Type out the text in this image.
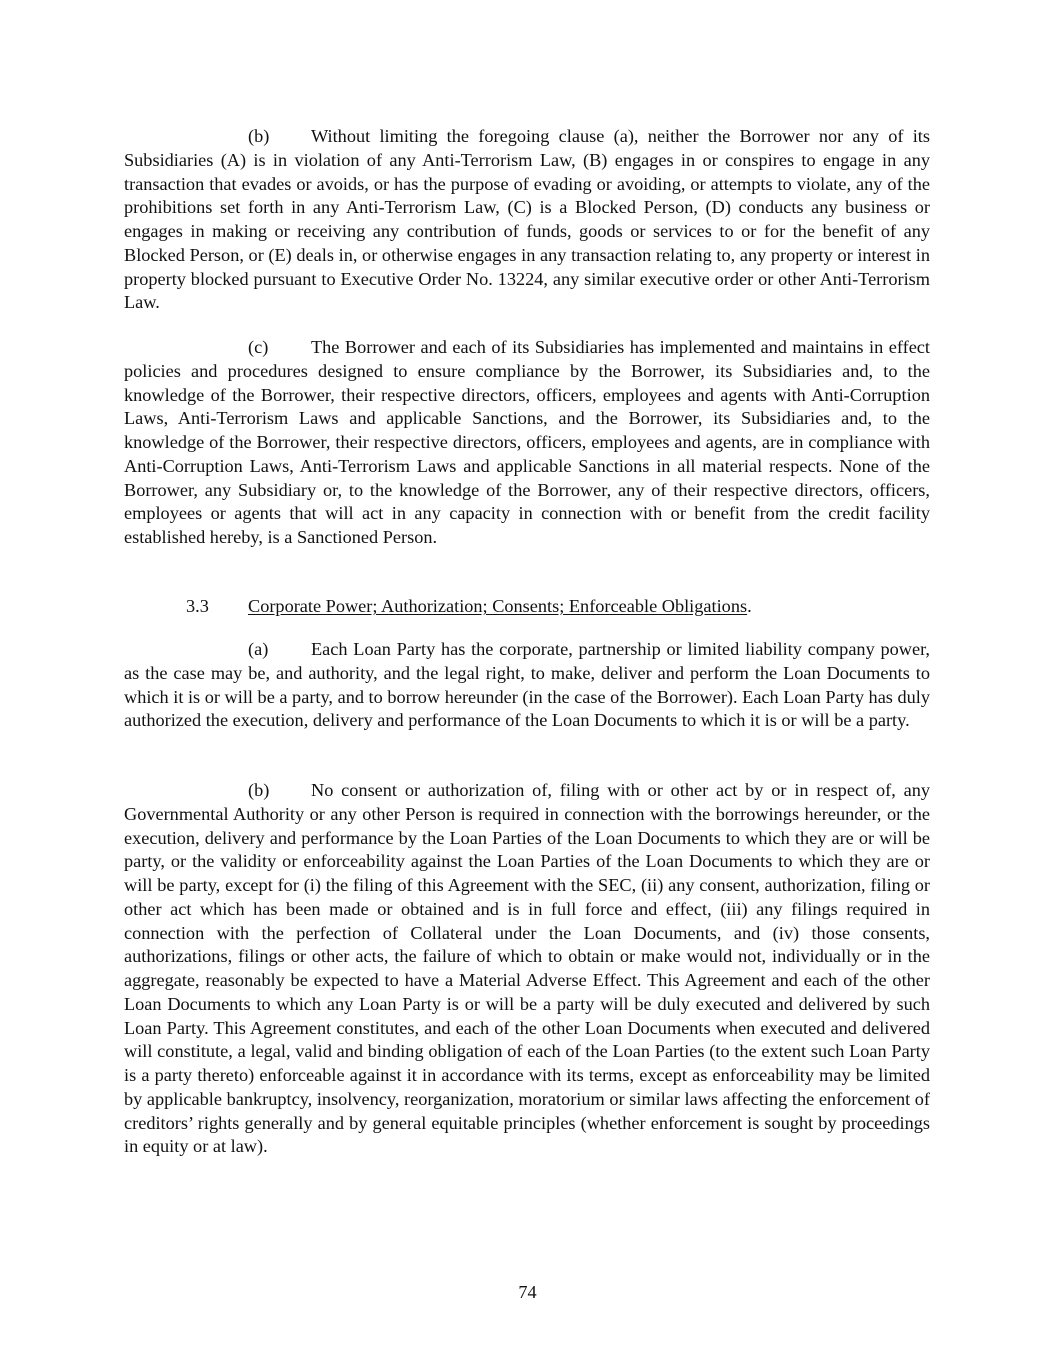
(b) Without limiting the foregoing clause (a), neither the Borrower nor any of its Subsidiaries (A) is in violation of any Anti-Terrorism Law, (B) engages in or conspires to engage in any transaction that evades or avoids, or has the purpose of evading or avoiding, or attempts to violate, any of the prohibitions set forth in any Anti-Terrorism Law, (C) is a Blocked Person, (D) conducts any business or engages in making or receiving any contribution of funds, goods or services to or for the benefit of any Blocked Person, or (E) deals in, or otherwise engages in any transaction relating to, any property or interest in property blocked pursuant to Executive Order No. 13224, any similar executive order or other Anti-Terrorism Law.

(c) The Borrower and each of its Subsidiaries has implemented and maintains in effect policies and procedures designed to ensure compliance by the Borrower, its Subsidiaries and, to the knowledge of the Borrower, their respective directors, officers, employees and agents with Anti-Corruption Laws, Anti-Terrorism Laws and applicable Sanctions, and the Borrower, its Subsidiaries and, to the knowledge of the Borrower, their respective directors, officers, employees and agents, are in compliance with Anti-Corruption Laws, Anti-Terrorism Laws and applicable Sanctions in all material respects. None of the Borrower, any Subsidiary or, to the knowledge of the Borrower, any of their respective directors, officers, employees or agents that will act in any capacity in connection with or benefit from the credit facility established hereby, is a Sanctioned Person.

3.3 Corporate Power; Authorization; Consents; Enforceable Obligations.

(a) Each Loan Party has the corporate, partnership or limited liability company power, as the case may be, and authority, and the legal right, to make, deliver and perform the Loan Documents to which it is or will be a party, and to borrow hereunder (in the case of the Borrower). Each Loan Party has duly authorized the execution, delivery and performance of the Loan Documents to which it is or will be a party.

(b) No consent or authorization of, filing with or other act by or in respect of, any Governmental Authority or any other Person is required in connection with the borrowings hereunder, or the execution, delivery and performance by the Loan Parties of the Loan Documents to which they are or will be party, or the validity or enforceability against the Loan Parties of the Loan Documents to which they are or will be party, except for (i) the filing of this Agreement with the SEC, (ii) any consent, authorization, filing or other act which has been made or obtained and is in full force and effect, (iii) any filings required in connection with the perfection of Collateral under the Loan Documents, and (iv) those consents, authorizations, filings or other acts, the failure of which to obtain or make would not, individually or in the aggregate, reasonably be expected to have a Material Adverse Effect. This Agreement and each of the other Loan Documents to which any Loan Party is or will be a party will be duly executed and delivered by such Loan Party. This Agreement constitutes, and each of the other Loan Documents when executed and delivered will constitute, a legal, valid and binding obligation of each of the Loan Parties (to the extent such Loan Party is a party thereto) enforceable against it in accordance with its terms, except as enforceability may be limited by applicable bankruptcy, insolvency, reorganization, moratorium or similar laws affecting the enforcement of creditors’ rights generally and by general equitable principles (whether enforcement is sought by proceedings in equity or at law).

74
